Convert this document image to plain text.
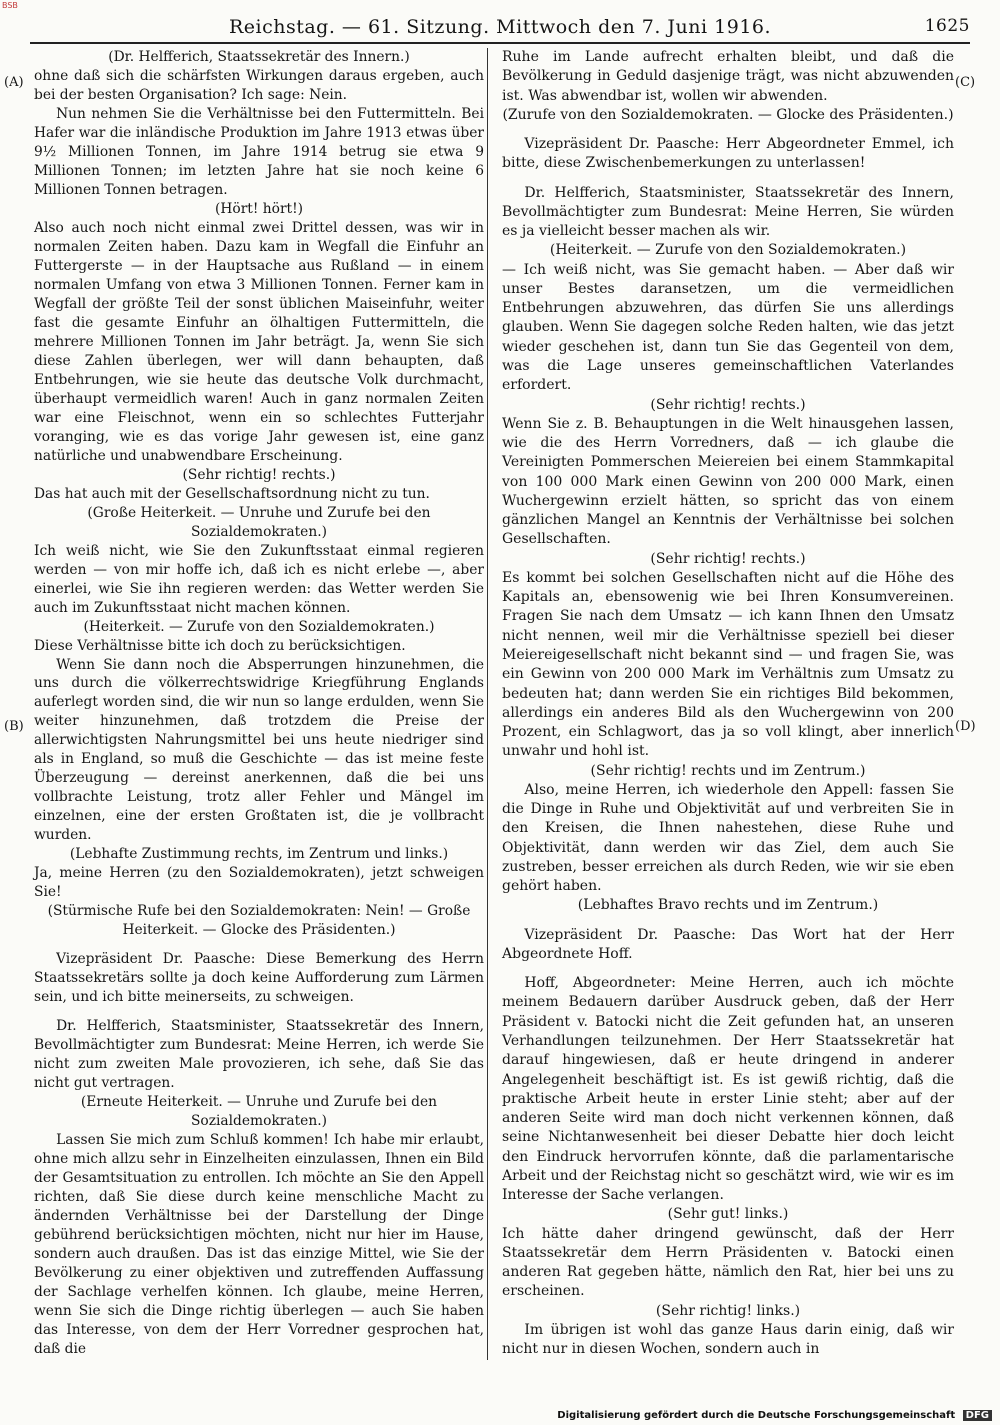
BSB
Reichstag. — 61. Sitzung. Mittwoch den 7. Juni 1916.	1625
(A)
(B)
(C)
(D)

(Dr. Helfferich, Staatssekretär des Innern.)

ohne daß sich die schärfsten Wirkungen daraus ergeben, auch bei der besten Organisation? Ich sage: Nein.

Nun nehmen Sie die Verhältnisse bei den Futtermitteln. Bei Hafer war die inländische Produktion im Jahre 1913 etwas über 9½ Millionen Tonnen, im Jahre 1914 betrug sie etwa 9 Millionen Tonnen; im letzten Jahre hat sie noch keine 6 Millionen Tonnen betragen.

(Hört! hört!)

Also auch noch nicht einmal zwei Drittel dessen, was wir in normalen Zeiten haben. Dazu kam in Wegfall die Einfuhr an Futtergerste — in der Hauptsache aus Rußland — in einem normalen Umfang von etwa 3 Millionen Tonnen. Ferner kam in Wegfall der größte Teil der sonst üblichen Maiseinfuhr, weiter fast die gesamte Einfuhr an ölhaltigen Futtermitteln, die mehrere Millionen Tonnen im Jahr beträgt. Ja, wenn Sie sich diese Zahlen überlegen, wer will dann behaupten, daß Entbehrungen, wie sie heute das deutsche Volk durchmacht, überhaupt vermeidlich waren! Auch in ganz normalen Zeiten war eine Fleischnot, wenn ein so schlechtes Futterjahr voranging, wie es das vorige Jahr gewesen ist, eine ganz natürliche und unabwendbare Erscheinung.

(Sehr richtig! rechts.)

Das hat auch mit der Gesellschaftsordnung nicht zu tun.

(Große Heiterkeit. — Unruhe und Zurufe bei den Sozialdemokraten.)

Ich weiß nicht, wie Sie den Zukunftsstaat einmal regieren werden — von mir hoffe ich, daß ich es nicht erlebe —, aber einerlei, wie Sie ihn regieren werden: das Wetter werden Sie auch im Zukunftsstaat nicht machen können.

(Heiterkeit. — Zurufe von den Sozialdemokraten.)

Diese Verhältnisse bitte ich doch zu berücksichtigen.

Wenn Sie dann noch die Absperrungen hinzunehmen, die uns durch die völkerrechtswidrige Kriegführung Englands auferlegt worden sind, die wir nun so lange erdulden, wenn Sie weiter hinzunehmen, daß trotzdem die Preise der allerwichtigsten Nahrungsmittel bei uns heute niedriger sind als in England, so muß die Geschichte — das ist meine feste Überzeugung — dereinst anerkennen, daß die bei uns vollbrachte Leistung, trotz aller Fehler und Mängel im einzelnen, eine der ersten Großtaten ist, die je vollbracht wurden.

(Lebhafte Zustimmung rechts, im Zentrum und links.)

Ja, meine Herren (zu den Sozialdemokraten), jetzt schweigen Sie!

(Stürmische Rufe bei den Sozialdemokraten: Nein! — Große Heiterkeit. — Glocke des Präsidenten.)

Vizepräsident Dr. Paasche: Diese Bemerkung des Herrn Staatssekretärs sollte ja doch keine Aufforderung zum Lärmen sein, und ich bitte meinerseits, zu schweigen.

Dr. Helfferich, Staatsminister, Staatssekretär des Innern, Bevollmächtigter zum Bundesrat: Meine Herren, ich werde Sie nicht zum zweiten Male provozieren, ich sehe, daß Sie das nicht gut vertragen.

(Erneute Heiterkeit. — Unruhe und Zurufe bei den Sozialdemokraten.)

Lassen Sie mich zum Schluß kommen! Ich habe mir erlaubt, ohne mich allzu sehr in Einzelheiten einzulassen, Ihnen ein Bild der Gesamtsituation zu entrollen. Ich möchte an Sie den Appell richten, daß Sie diese durch keine menschliche Macht zu ändernden Verhältnisse bei der Darstellung der Dinge gebührend berücksichtigen möchten, nicht nur hier im Hause, sondern auch draußen. Das ist das einzige Mittel, wie Sie der Bevölkerung zu einer objektiven und zutreffenden Auffassung der Sachlage verhelfen können. Ich glaube, meine Herren, wenn Sie sich die Dinge richtig überlegen — auch Sie haben das Interesse, von dem der Herr Vorredner gesprochen hat, daß die

Ruhe im Lande aufrecht erhalten bleibt, und daß die Bevölkerung in Geduld dasjenige trägt, was nicht abzuwenden ist. Was abwendbar ist, wollen wir abwenden.

(Zurufe von den Sozialdemokraten. — Glocke des Präsidenten.)

Vizepräsident Dr. Paasche: Herr Abgeordneter Emmel, ich bitte, diese Zwischenbemerkungen zu unterlassen!

Dr. Helfferich, Staatsminister, Staatssekretär des Innern, Bevollmächtigter zum Bundesrat: Meine Herren, Sie würden es ja vielleicht besser machen als wir.

(Heiterkeit. — Zurufe von den Sozialdemokraten.)

— Ich weiß nicht, was Sie gemacht haben. — Aber daß wir unser Bestes daransetzen, um die vermeidlichen Entbehrungen abzuwehren, das dürfen Sie uns allerdings glauben. Wenn Sie dagegen solche Reden halten, wie das jetzt wieder geschehen ist, dann tun Sie das Gegenteil von dem, was die Lage unseres gemeinschaftlichen Vaterlandes erfordert.

(Sehr richtig! rechts.)

Wenn Sie z. B. Behauptungen in die Welt hinausgehen lassen, wie die des Herrn Vorredners, daß — ich glaube die Vereinigten Pommerschen Meiereien bei einem Stammkapital von 100 000 Mark einen Gewinn von 200 000 Mark, einen Wuchergewinn erzielt hätten, so spricht das von einem gänzlichen Mangel an Kenntnis der Verhältnisse bei solchen Gesellschaften.

(Sehr richtig! rechts.)

Es kommt bei solchen Gesellschaften nicht auf die Höhe des Kapitals an, ebensowenig wie bei Ihren Konsumvereinen. Fragen Sie nach dem Umsatz — ich kann Ihnen den Umsatz nicht nennen, weil mir die Verhältnisse speziell bei dieser Meiereigesellschaft nicht bekannt sind — und fragen Sie, was ein Gewinn von 200 000 Mark im Verhältnis zum Umsatz zu bedeuten hat; dann werden Sie ein richtiges Bild bekommen, allerdings ein anderes Bild als den Wuchergewinn von 200 Prozent, ein Schlagwort, das ja so voll klingt, aber innerlich unwahr und hohl ist.

(Sehr richtig! rechts und im Zentrum.)

Also, meine Herren, ich wiederhole den Appell: fassen Sie die Dinge in Ruhe und Objektivität auf und verbreiten Sie in den Kreisen, die Ihnen nahestehen, diese Ruhe und Objektivität, dann werden wir das Ziel, dem auch Sie zustreben, besser erreichen als durch Reden, wie wir sie eben gehört haben.

(Lebhaftes Bravo rechts und im Zentrum.)

Vizepräsident Dr. Paasche: Das Wort hat der Herr Abgeordnete Hoff.

Hoff, Abgeordneter: Meine Herren, auch ich möchte meinem Bedauern darüber Ausdruck geben, daß der Herr Präsident v. Batocki nicht die Zeit gefunden hat, an unseren Verhandlungen teilzunehmen. Der Herr Staatssekretär hat darauf hingewiesen, daß er heute dringend in anderer Angelegenheit beschäftigt ist. Es ist gewiß richtig, daß die praktische Arbeit heute in erster Linie steht; aber auf der anderen Seite wird man doch nicht verkennen können, daß seine Nichtanwesenheit bei dieser Debatte hier doch leicht den Eindruck hervorrufen könnte, daß die parlamentarische Arbeit und der Reichstag nicht so geschätzt wird, wie wir es im Interesse der Sache verlangen.

(Sehr gut! links.)

Ich hätte daher dringend gewünscht, daß der Herr Staatssekretär dem Herrn Präsidenten v. Batocki einen anderen Rat gegeben hätte, nämlich den Rat, hier bei uns zu erscheinen.

(Sehr richtig! links.)

Im übrigen ist wohl das ganze Haus darin einig, daß wir nicht nur in diesen Wochen, sondern auch in

Digitalisierung gefördert durch die Deutsche Forschungsgemeinschaft DFG
